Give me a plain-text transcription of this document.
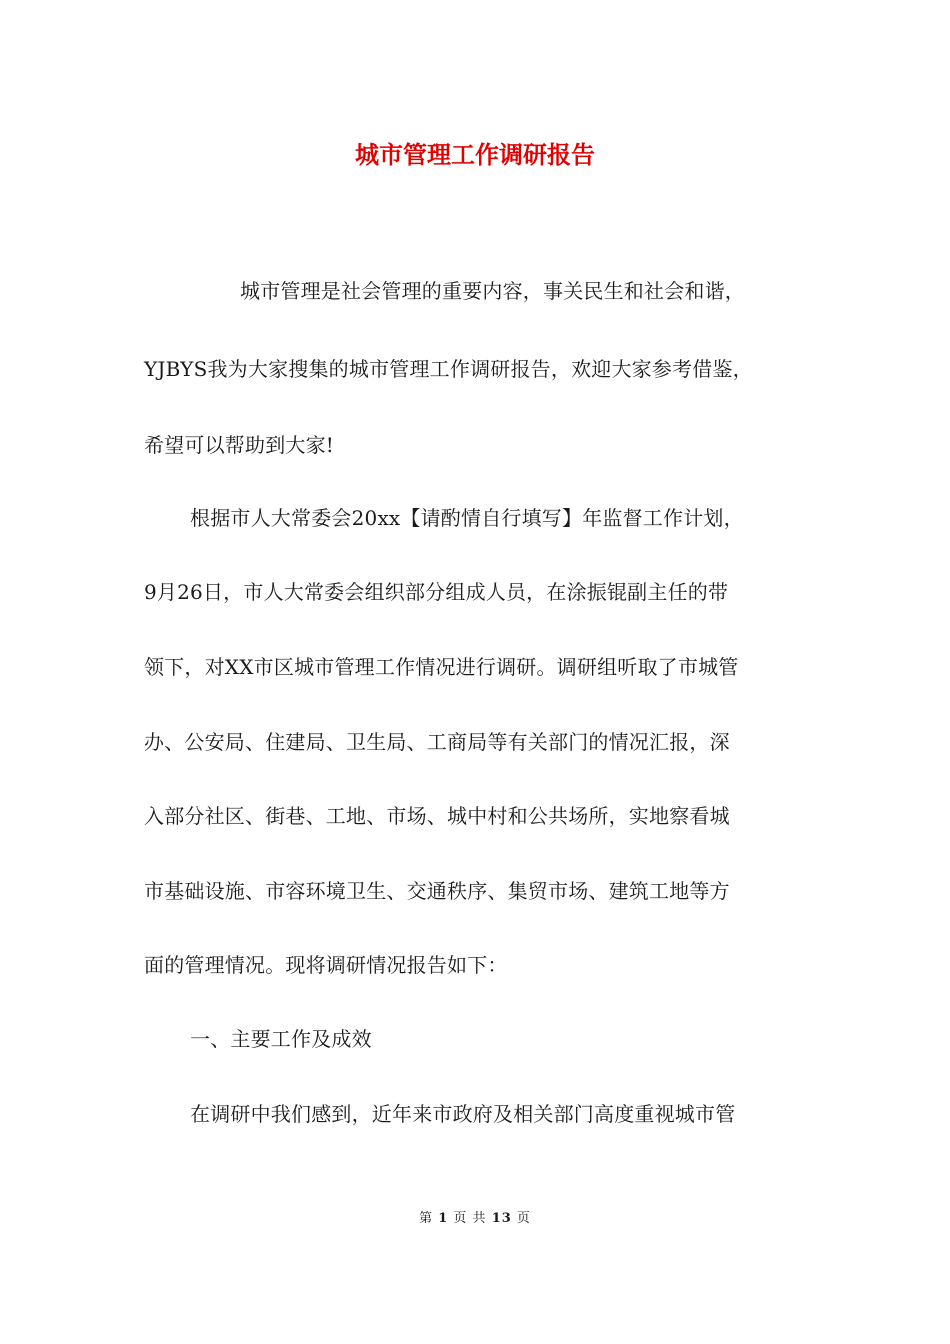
城市管理工作调研报告
城市管理是社会管理的重要内容，事关民生和社会和谐，
YJBYS我为大家搜集的城市管理工作调研报告，欢迎大家参考借鉴，
希望可以帮助到大家!
根据市人大常委会20xx【请酌情自行填写】年监督工作计划，
9月26日，市人大常委会组织部分组成人员，在涂振锟副主任的带
领下，对XX市区城市管理工作情况进行调研。调研组听取了市城管
办、公安局、住建局、卫生局、工商局等有关部门的情况汇报，深
入部分社区、街巷、工地、市场、城中村和公共场所，实地察看城
市基础设施、市容环境卫生、交通秩序、集贸市场、建筑工地等方
面的管理情况。现将调研情况报告如下：
一、主要工作及成效
在调研中我们感到，近年来市政府及相关部门高度重视城市管
第 1 页 共 13 页
